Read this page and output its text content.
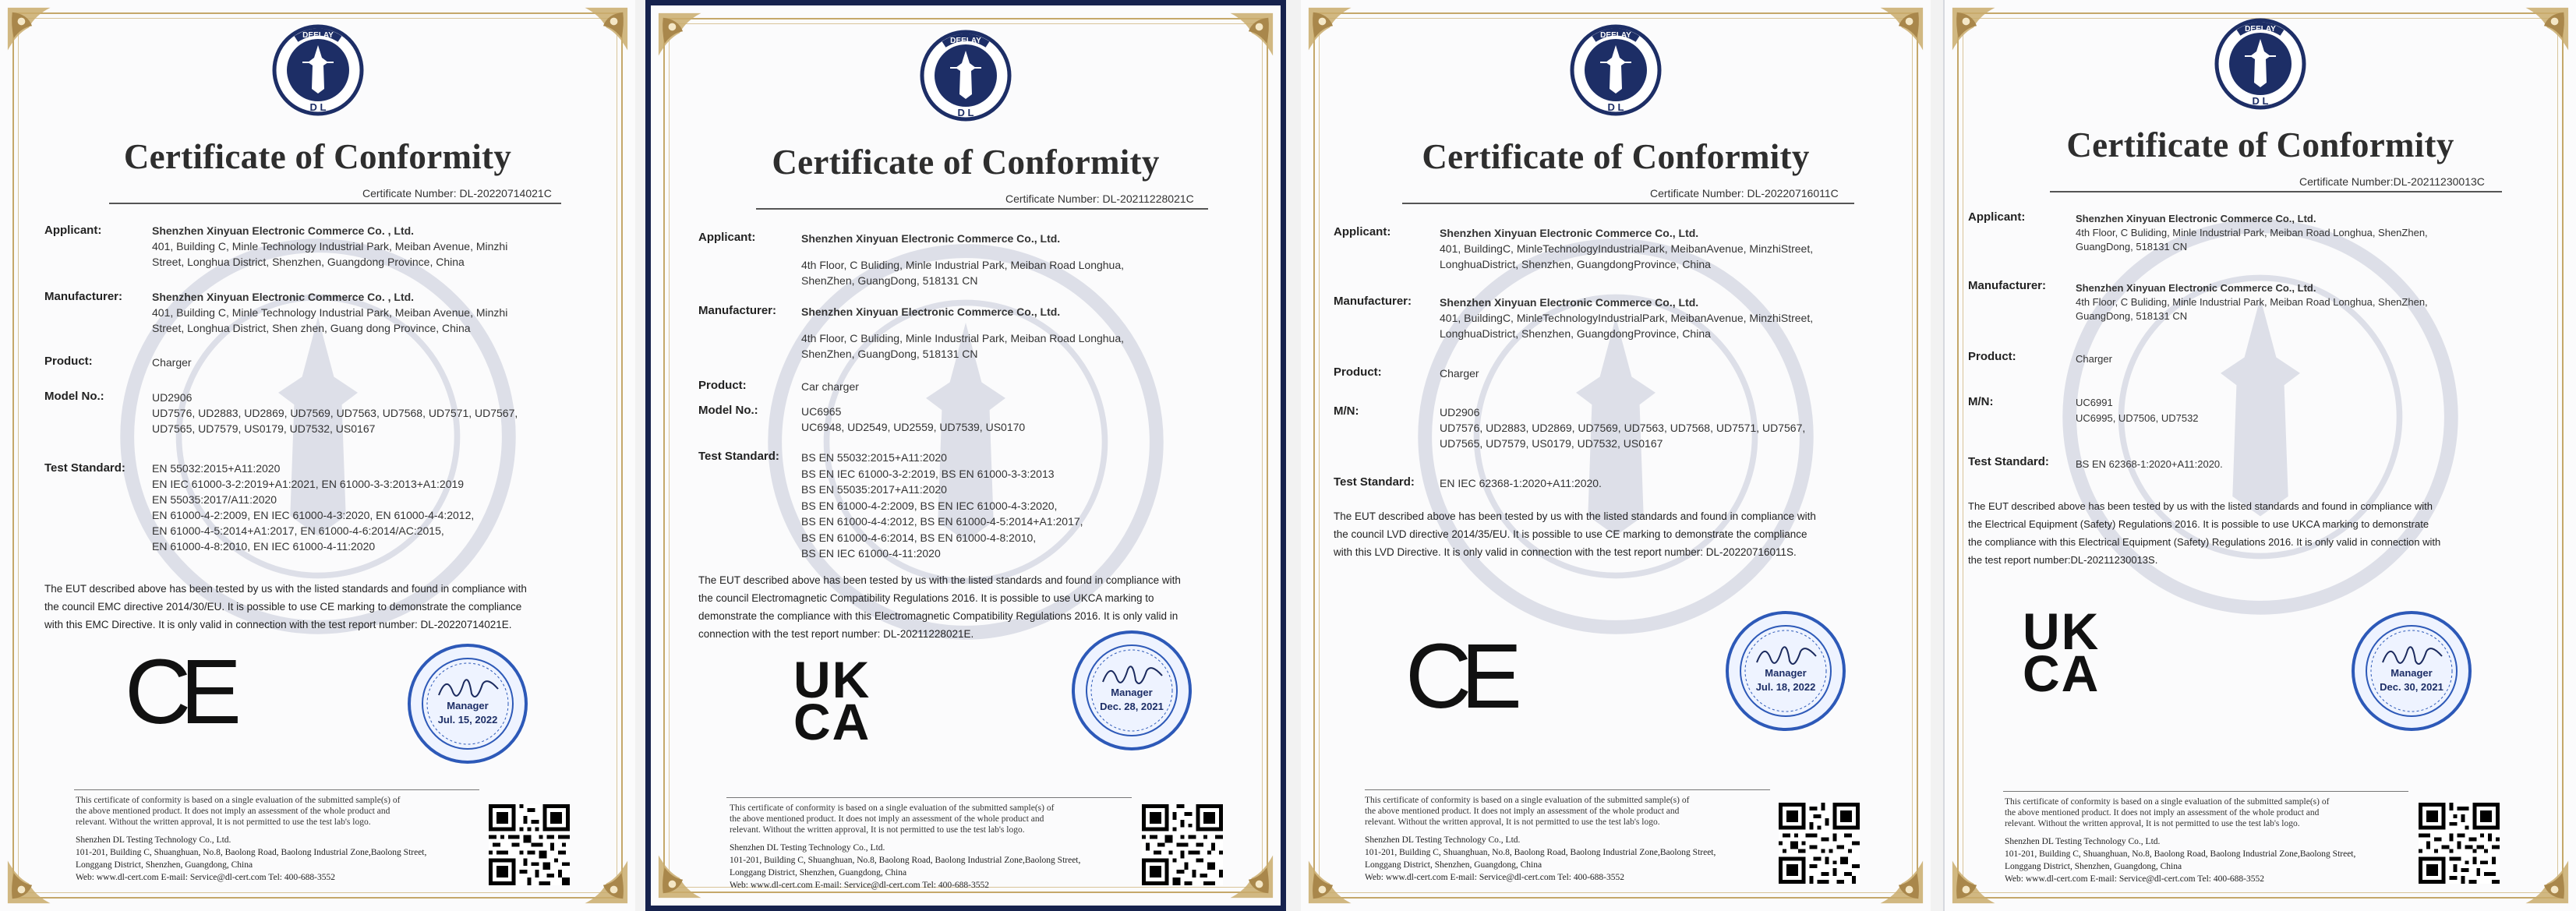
DEELAY
D L
Certificate of Conformity
Certificate Number: DL-20220714021C
Applicant:	Shenzhen Xinyuan Electronic Commerce Co. , Ltd.
401, Building C, Minle Technology Industrial Park, Meiban Avenue, Minzhi
Street, Longhua District, Shenzhen, Guangdong Province, China
Manufacturer:	Shenzhen Xinyuan Electronic Commerce Co. , Ltd.
401, Building C, Minle Technology Industrial Park, Meiban Avenue, Minzhi
Street, Longhua District, Shen zhen, Guang dong Province, China
Product:	Charger
Model No.:	UD2906
UD7576, UD2883, UD2869, UD7569, UD7563, UD7568, UD7571, UD7567,
UD7565, UD7579, US0179, UD7532, US0167
Test Standard: EN 55032:2015+A11:2020
EN IEC 61000-3-2:2019+A1:2021, EN 61000-3-3:2013+A1:2019
EN 55035:2017/A11:2020
EN 61000-4-2:2009, EN IEC 61000-4-3:2020, EN 61000-4-4:2012,
EN 61000-4-5:2014+A1:2017, EN 61000-4-6:2014/AC:2015,
EN 61000-4-8:2010, EN IEC 61000-4-11:2020
The EUT described above has been tested by us with the listed standards and found in compliance with
the council EMC directive 2014/30/EU. It is possible to use CE marking to demonstrate the compliance
with this EMC Directive. It is only valid in connection with the test report number: DL-20220714021E.
CE	Manager
Jul. 15, 2022
This certificate of conformity is based on a single evaluation of the submitted sample(s) of
the above mentioned product. It does not imply an assessment of the whole product and
relevant. Without the written approval, It is not permitted to use the test lab's logo.
Shenzhen DL Testing Technology Co., Ltd.
101-201, Building C, Shuanghuan, No.8, Baolong Road, Baolong Industrial Zone,Baolong Street,
Longgang District, Shenzhen, Guangdong, China
Web: www.dl-cert.com E-mail: Service@dl-cert.com Tel: 400-688-3552
DEELAY
D L
Certificate of Conformity
Certificate Number: DL-20211228021C
Applicant:	Shenzhen Xinyuan Electronic Commerce Co., Ltd.
4th Floor, C Buliding, Minle Industrial Park, Meiban Road Longhua,
ShenZhen, GuangDong, 518131 CN
Manufacturer: Shenzhen Xinyuan Electronic Commerce Co., Ltd.
4th Floor, C Buliding, Minle Industrial Park, Meiban Road Longhua,
ShenZhen, GuangDong, 518131 CN
Product:	Car charger
Model No.:	UC6965
UC6948, UD2549, UD2559, UD7539, US0170
Test Standard: BS EN 55032:2015+A11:2020
BS EN IEC 61000-3-2:2019, BS EN 61000-3-3:2013
BS EN 55035:2017+A11:2020
BS EN 61000-4-2:2009, BS EN IEC 61000-4-3:2020,
BS EN 61000-4-4:2012, BS EN 61000-4-5:2014+A1:2017,
BS EN 61000-4-6:2014, BS EN 61000-4-8:2010,
BS EN IEC 61000-4-11:2020
The EUT described above has been tested by us with the listed standards and found in compliance with
the council Electromagnetic Compatibility Regulations 2016. It is possible to use UKCA marking to
demonstrate the compliance with this Electromagnetic Compatibility Regulations 2016. It is only valid in
connection with the test report number: DL-20211228021E.
UK
CA
Manager
Dec. 28, 2021
This certificate of conformity is based on a single evaluation of the submitted sample(s) of
the above mentioned product. It does not imply an assessment of the whole product and
relevant. Without the written approval, It is not permitted to use the test lab's logo.
Shenzhen DL Testing Technology Co., Ltd.
101-201, Building C, Shuanghuan, No.8, Baolong Road, Baolong Industrial Zone,Baolong Street,
Longgang District, Shenzhen, Guangdong, China
Web: www.dl-cert.com E-mail: Service@dl-cert.com Tel: 400-688-3552
DEELAY
D L
Certificate of Conformity
Certificate Number: DL-20220716011C
Applicant:	Shenzhen Xinyuan Electronic Commerce Co., Ltd.
401, BuildingC, MinleTechnologyIndustrialPark, MeibanAvenue, MinzhiStreet,
LonghuaDistrict, Shenzhen, GuangdongProvince, China
Manufacturer:	Shenzhen Xinyuan Electronic Commerce Co., Ltd.
401, BuildingC, MinleTechnologyIndustrialPark, MeibanAvenue, MinzhiStreet,
LonghuaDistrict, Shenzhen, GuangdongProvince, China
Product:	Charger
M/N:	UD2906
UD7576, UD2883, UD2869, UD7569, UD7563, UD7568, UD7571, UD7567,
UD7565, UD7579, US0179, UD7532, US0167
Test Standard: EN IEC 62368-1:2020+A11:2020.
The EUT described above has been tested by us with the listed standards and found in compliance with
the council LVD directive 2014/35/EU. It is possible to use CE marking to demonstrate the compliance
with this LVD Directive. It is only valid in connection with the test report number: DL-20220716011S.
CE	Manager
Jul. 18, 2022
This certificate of conformity is based on a single evaluation of the submitted sample(s) of
the above mentioned product. It does not imply an assessment of the whole product and
relevant. Without the written approval, It is not permitted to use the test lab's logo.
Shenzhen DL Testing Technology Co., Ltd.
101-201, Building C, Shuanghuan, No.8, Baolong Road, Baolong Industrial Zone,Baolong Street,
Longgang District, Shenzhen, Guangdong, China
Web: www.dl-cert.com E-mail: Service@dl-cert.com Tel: 400-688-3552
DEELAY
D L
Certificate of Conformity
Certificate Number:DL-20211230013C
Applicant:	Shenzhen Xinyuan Electronic Commerce Co., Ltd.
4th Floor, C Buliding, Minle Industrial Park, Meiban Road Longhua, ShenZhen,
GuangDong, 518131 CN
Manufacturer:	Shenzhen Xinyuan Electronic Commerce Co., Ltd.
4th Floor, C Buliding, Minle Industrial Park, Meiban Road Longhua, ShenZhen,
GuangDong, 518131 CN
Product:	Charger
M/N:	UC6991
UC6995, UD7506, UD7532
Test Standard:	BS EN 62368-1:2020+A11:2020.
The EUT described above has been tested by us with the listed standards and found in compliance with
the Electrical Equipment (Safety) Regulations 2016. It is possible to use UKCA marking to demonstrate
the compliance with this Electrical Equipment (Safety) Regulations 2016. It is only valid in connection with
the test report number:DL-20211230013S.
UK
CA	Manager
Dec. 30, 2021
This certificate of conformity is based on a single evaluation of the submitted sample(s) of
the above mentioned product. It does not imply an assessment of the whole product and
relevant. Without the written approval, It is not permitted to use the test lab's logo.
Shenzhen DL Testing Technology Co., Ltd.
101-201, Building C, Shuanghuan, No.8, Baolong Road, Baolong Industrial Zone,Baolong Street,
Longgang District, Shenzhen, Guangdong, China
Web: www.dl-cert.com E-mail: Service@dl-cert.com Tel: 400-688-3552
